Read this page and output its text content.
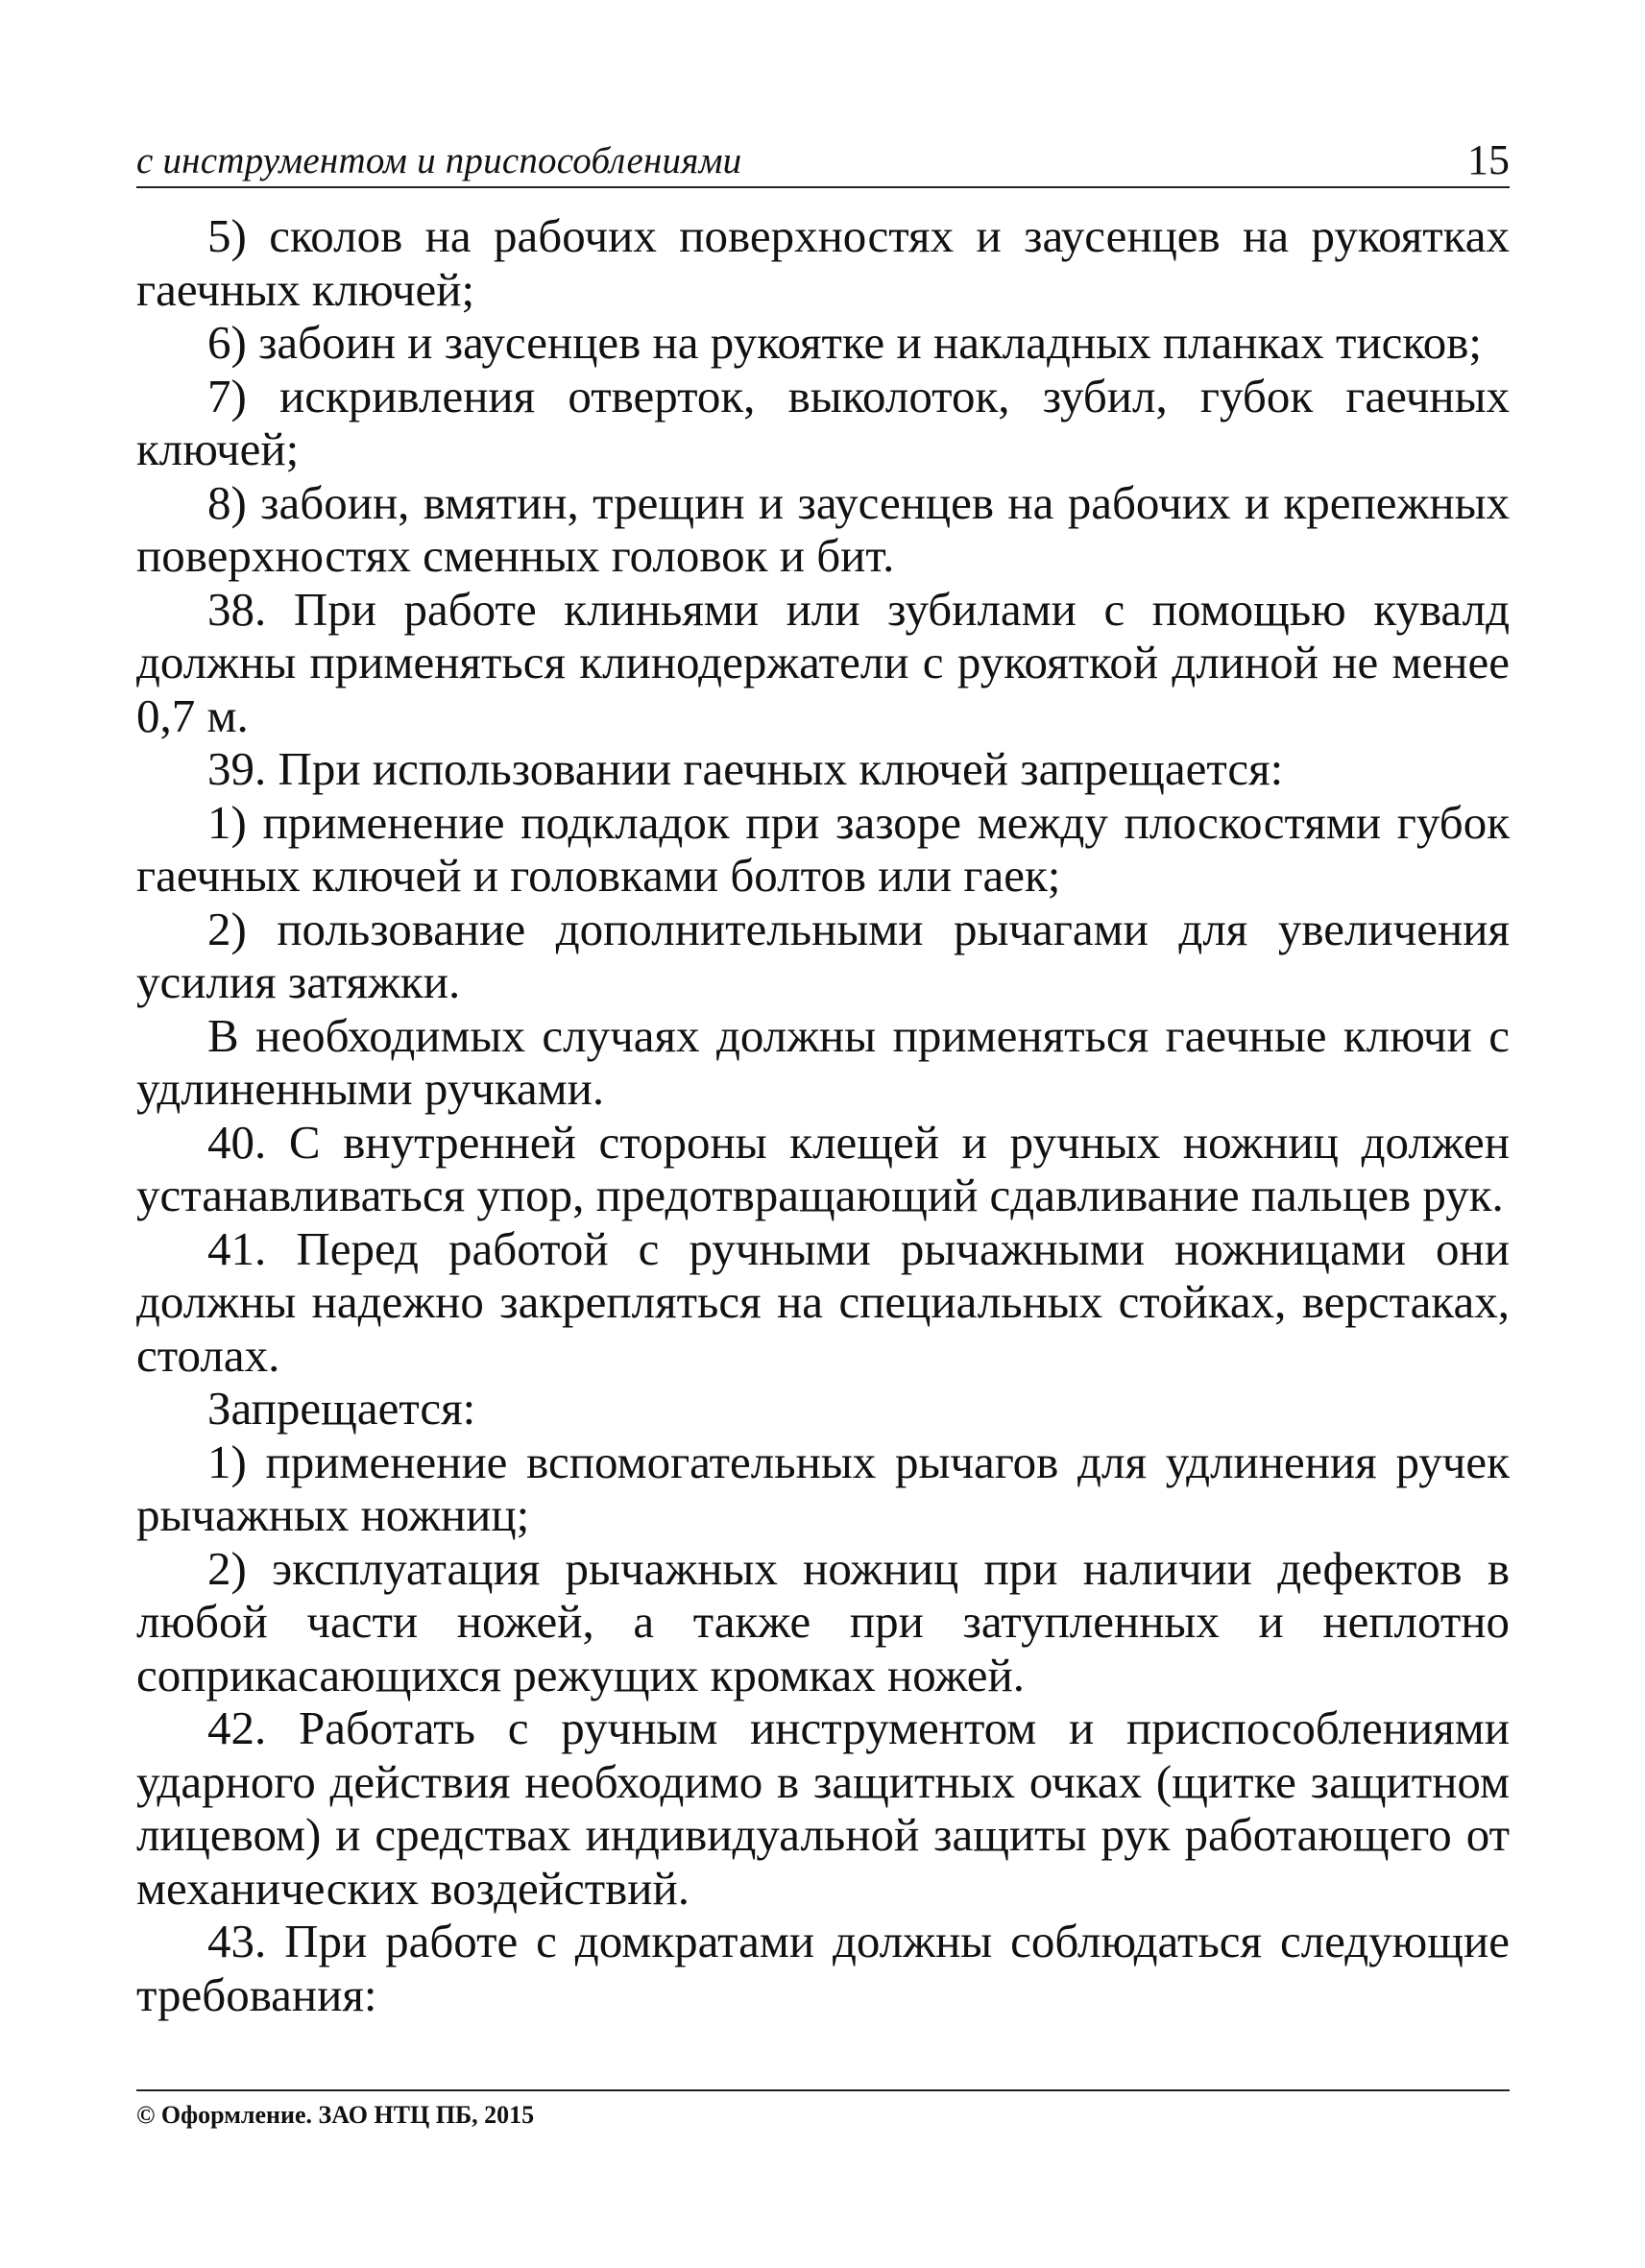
с инструментом и приспособлениями	15

5) сколов на рабочих поверхностях и заусенцев на рукоятках гаечных ключей;

6) забоин и заусенцев на рукоятке и накладных планках тисков;

7) искривления отверток, выколоток, зубил, губок гаечных ключей;

8) забоин, вмятин, трещин и заусенцев на рабочих и крепежных поверхностях сменных головок и бит.

38. При работе клиньями или зубилами с помощью кувалд должны применяться клинодержатели с рукояткой длиной не менее 0,7 м.

39. При использовании гаечных ключей запрещается:

1) применение подкладок при зазоре между плоскостями губок гаечных ключей и головками болтов или гаек;

2) пользование дополнительными рычагами для увеличения усилия затяжки.

В необходимых случаях должны применяться гаечные ключи с удлиненными ручками.

40. С внутренней стороны клещей и ручных ножниц должен устанавливаться упор, предотвращающий сдавливание пальцев рук.

41. Перед работой с ручными рычажными ножницами они должны надежно закрепляться на специальных стойках, верстаках, столах.

Запрещается:

1) применение вспомогательных рычагов для удлинения ручек рычажных ножниц;

2) эксплуатация рычажных ножниц при наличии дефектов в любой части ножей, а также при затупленных и неплотно соприкасающихся режущих кромках ножей.

42. Работать с ручным инструментом и приспособлениями ударного действия необходимо в защитных очках (щитке защитном лицевом) и средствах индивидуальной защиты рук работающего от механических воздействий.

43. При работе с домкратами должны соблюдаться следующие требования:

© Оформление. ЗАО НТЦ ПБ, 2015
